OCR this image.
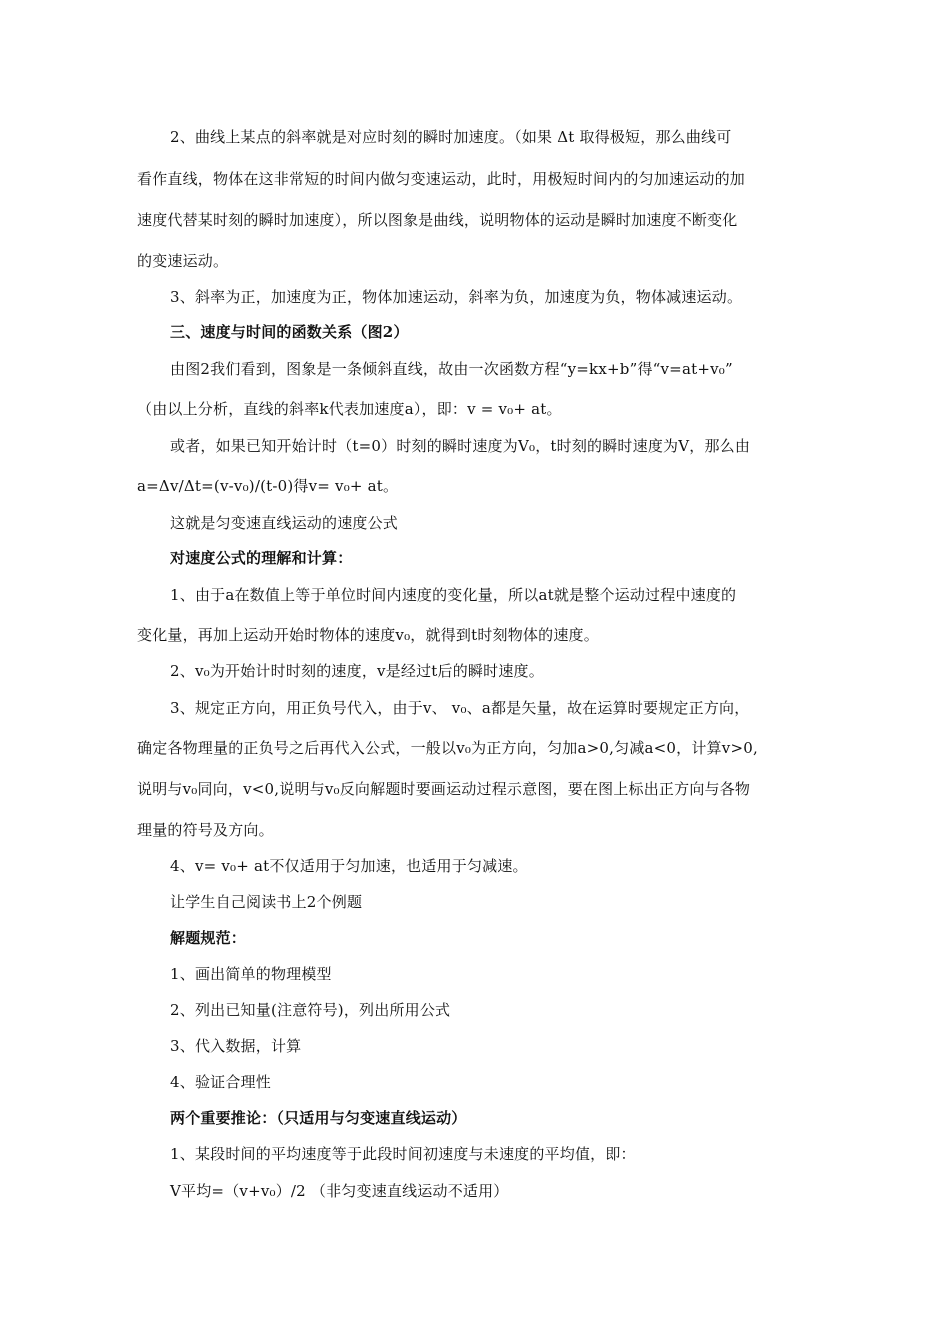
2、曲线上某点的斜率就是对应时刻的瞬时加速度。（如果 Δt 取得极短，那么曲线可

看作直线，物体在这非常短的时间内做匀变速运动，此时，用极短时间内的匀加速运动的加

速度代替某时刻的瞬时加速度），所以图象是曲线，说明物体的运动是瞬时加速度不断变化

的变速运动。

3、斜率为正，加速度为正，物体加速运动，斜率为负，加速度为负，物体减速运动。

三、速度与时间的函数关系（图2）

由图2我们看到，图象是一条倾斜直线，故由一次函数方程“y=kx+b”得“v=at+v₀”

（由以上分析，直线的斜率k代表加速度a），即：v = v₀+ at。

或者，如果已知开始计时（t=0）时刻的瞬时速度为V₀，t时刻的瞬时速度为V，那么由

a=Δv/Δt=(v-v₀)/(t-0)得v= v₀+ at。

这就是匀变速直线运动的速度公式

对速度公式的理解和计算：

1、由于a在数值上等于单位时间内速度的变化量，所以at就是整个运动过程中速度的

变化量，再加上运动开始时物体的速度v₀，就得到t时刻物体的速度。

2、v₀为开始计时时刻的速度，v是经过t后的瞬时速度。

3、规定正方向，用正负号代入，由于v、 v₀、a都是矢量，故在运算时要规定正方向，

确定各物理量的正负号之后再代入公式，一般以v₀为正方向，匀加a>0,匀减a<0，计算v>0,

说明与v₀同向，v<0,说明与v₀反向解题时要画运动过程示意图，要在图上标出正方向与各物

理量的符号及方向。

4、v= v₀+ at不仅适用于匀加速，也适用于匀减速。

让学生自己阅读书上2个例题

解题规范：

1、画出简单的物理模型

2、列出已知量(注意符号)，列出所用公式

3、代入数据，计算

4、验证合理性

两个重要推论：（只适用与匀变速直线运动）

1、某段时间的平均速度等于此段时间初速度与未速度的平均值，即：

V平均=（v+v₀）/2 （非匀变速直线运动不适用）
